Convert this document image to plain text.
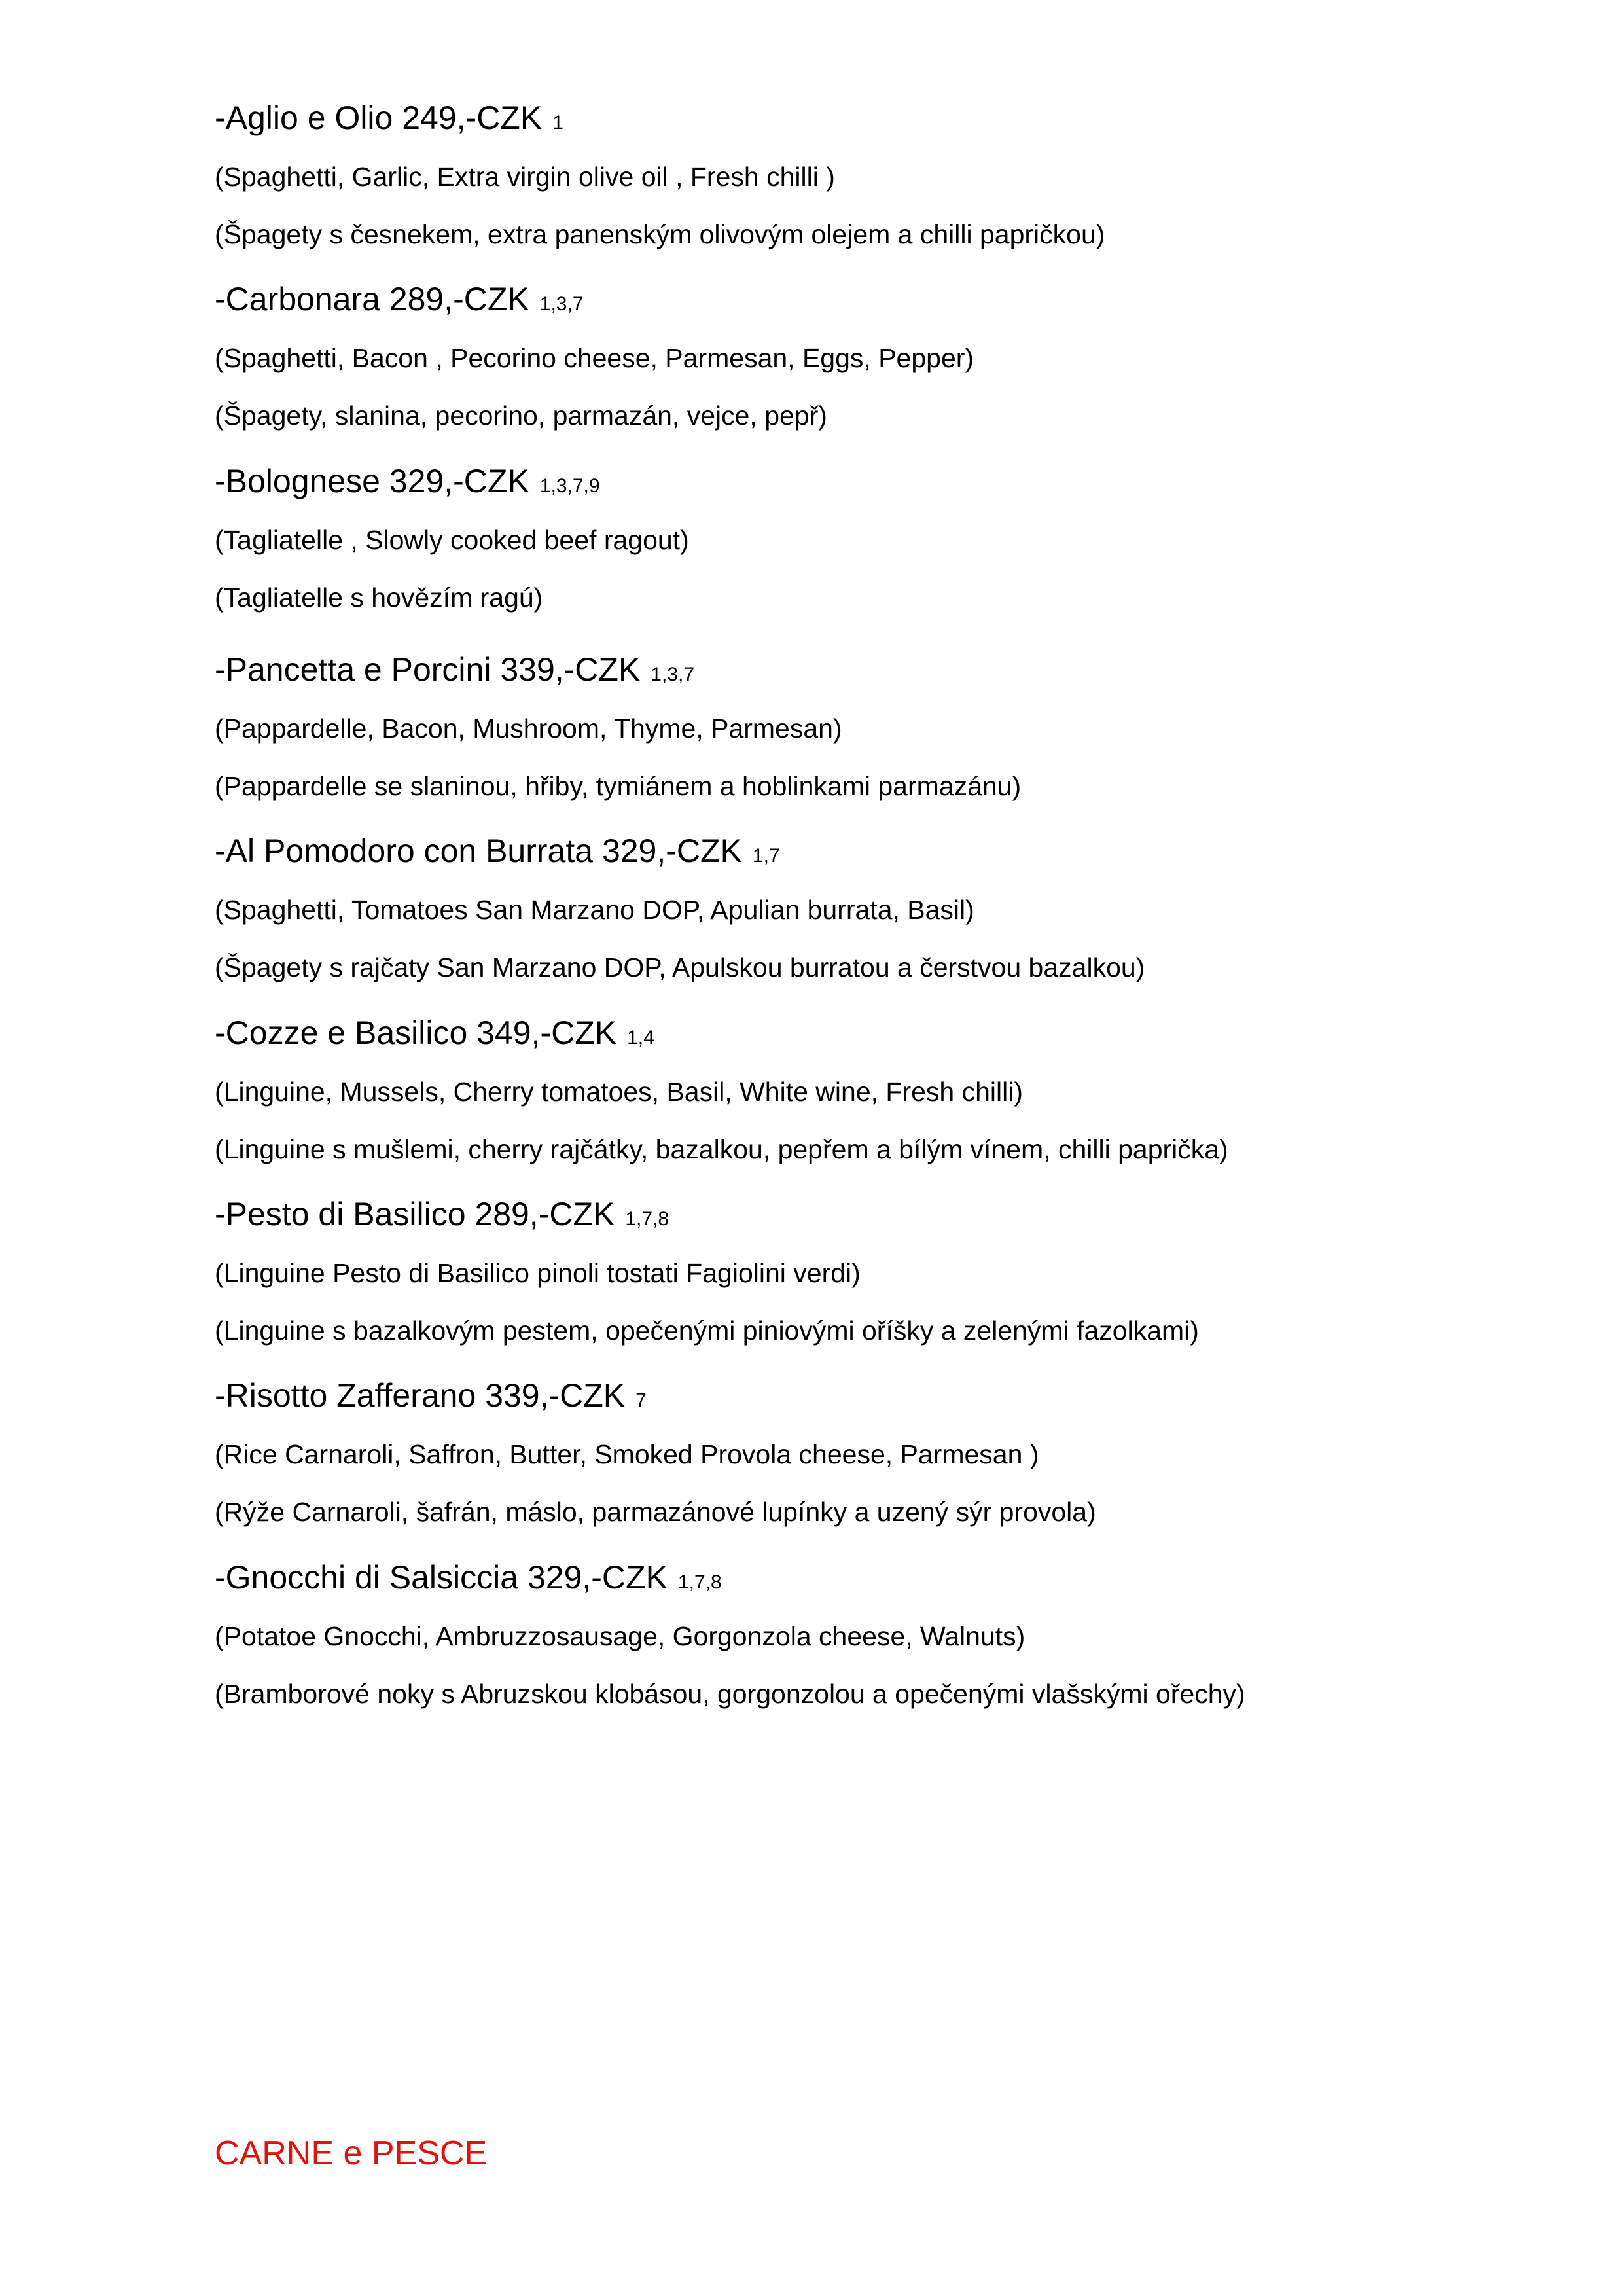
-Aglio e Olio 249,-CZK 1
(Spaghetti, Garlic, Extra virgin olive oil , Fresh chilli )
(Špagety s česnekem, extra panenským olivovým olejem a chilli papričkou)
-Carbonara 289,-CZK 1,3,7
(Spaghetti, Bacon , Pecorino cheese, Parmesan, Eggs, Pepper)
(Špagety, slanina, pecorino, parmazán, vejce, pepř)
-Bolognese 329,-CZK 1,3,7,9
(Tagliatelle , Slowly cooked beef ragout)
(Tagliatelle s hovězím ragú)
-Pancetta e Porcini 339,-CZK 1,3,7
(Pappardelle, Bacon, Mushroom, Thyme, Parmesan)
(Pappardelle se slaninou, hřiby, tymiánem a hoblinkami parmazánu)
-Al Pomodoro con Burrata 329,-CZK 1,7
(Spaghetti, Tomatoes San Marzano DOP, Apulian burrata, Basil)
(Špagety s rajčaty San Marzano DOP, Apulskou burratou a čerstvou bazalkou)
-Cozze e Basilico 349,-CZK 1,4
(Linguine, Mussels, Cherry tomatoes, Basil, White wine, Fresh chilli)
(Linguine s mušlemi, cherry rajčátky, bazalkou, pepřem a bílým vínem, chilli paprička)
-Pesto di Basilico 289,-CZK 1,7,8
(Linguine Pesto di Basilico pinoli tostati Fagiolini verdi)
(Linguine s bazalkovým pestem, opečenými piniovými oříšky a zelenými fazolkami)
-Risotto Zafferano 339,-CZK 7
(Rice Carnaroli, Saffron, Butter, Smoked Provola cheese, Parmesan )
(Rýže Carnaroli, šafrán, máslo, parmazánové lupínky a uzený sýr provola)
-Gnocchi di Salsiccia 329,-CZK 1,7,8
(Potatoe Gnocchi, Ambruzzosausage, Gorgonzola cheese, Walnuts)
(Bramborové noky s Abruzskou klobásou, gorgonzolou a opečenými vlašskými ořechy)
CARNE e PESCE
